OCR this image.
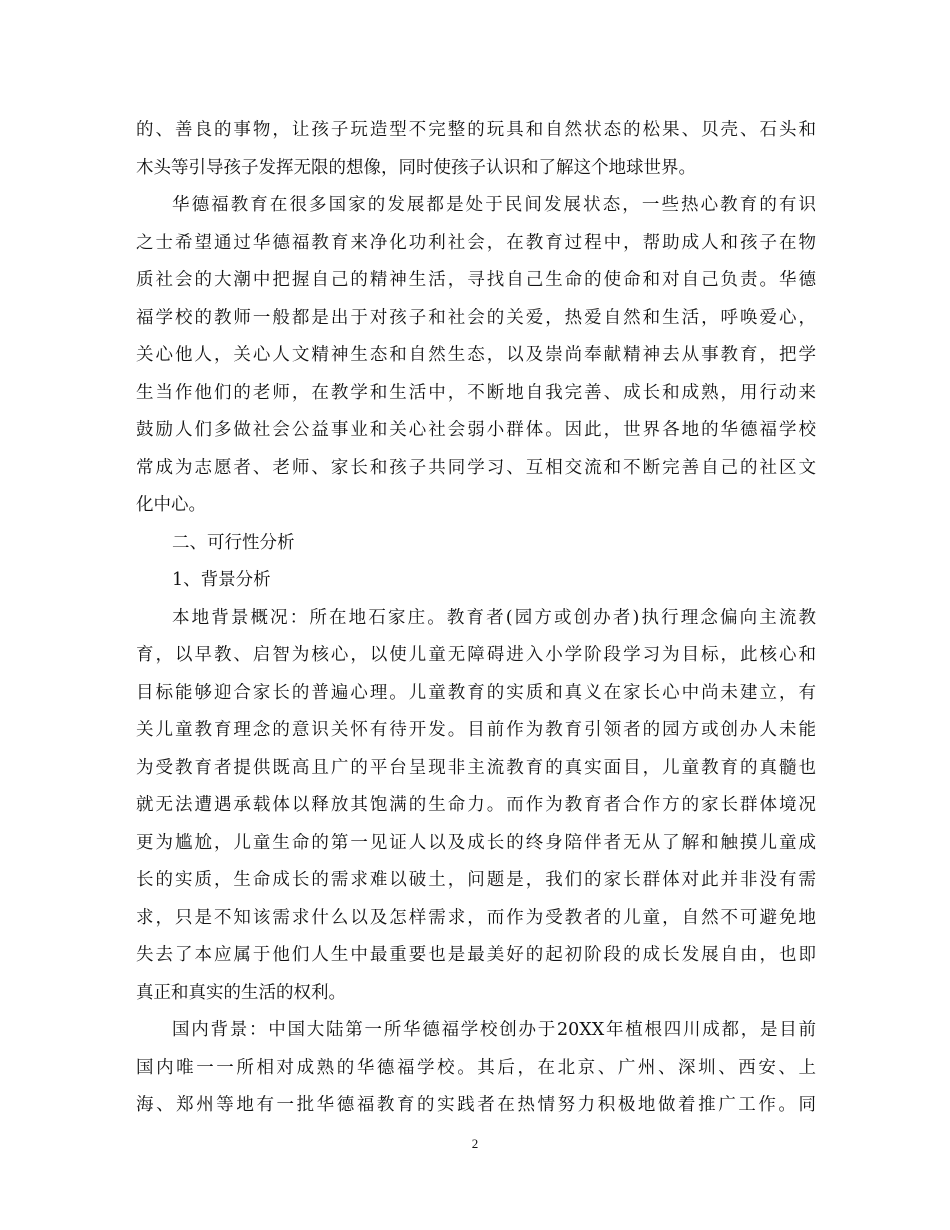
的、善良的事物，让孩子玩造型不完整的玩具和自然状态的松果、贝壳、石头和
木头等引导孩子发挥无限的想像，同时使孩子认识和了解这个地球世界。
华德福教育在很多国家的发展都是处于民间发展状态，一些热心教育的有识
之士希望通过华德福教育来净化功利社会，在教育过程中，帮助成人和孩子在物
质社会的大潮中把握自己的精神生活，寻找自己生命的使命和对自己负责。华德
福学校的教师一般都是出于对孩子和社会的关爱，热爱自然和生活，呼唤爱心，
关心他人，关心人文精神生态和自然生态，以及崇尚奉献精神去从事教育，把学
生当作他们的老师，在教学和生活中，不断地自我完善、成长和成熟，用行动来
鼓励人们多做社会公益事业和关心社会弱小群体。因此，世界各地的华德福学校
常成为志愿者、老师、家长和孩子共同学习、互相交流和不断完善自己的社区文
化中心。
二、可行性分析
1、背景分析
本地背景概况：所在地石家庄。教育者(园方或创办者)执行理念偏向主流教
育，以早教、启智为核心，以使儿童无障碍进入小学阶段学习为目标，此核心和
目标能够迎合家长的普遍心理。儿童教育的实质和真义在家长心中尚未建立，有
关儿童教育理念的意识关怀有待开发。目前作为教育引领者的园方或创办人未能
为受教育者提供既高且广的平台呈现非主流教育的真实面目，儿童教育的真髓也
就无法遭遇承载体以释放其饱满的生命力。而作为教育者合作方的家长群体境况
更为尴尬，儿童生命的第一见证人以及成长的终身陪伴者无从了解和触摸儿童成
长的实质，生命成长的需求难以破土，问题是，我们的家长群体对此并非没有需
求，只是不知该需求什么以及怎样需求，而作为受教者的儿童，自然不可避免地
失去了本应属于他们人生中最重要也是最美好的起初阶段的成长发展自由，也即
真正和真实的生活的权利。
国内背景：中国大陆第一所华德福学校创办于20XX年植根四川成都，是目前
国内唯一一所相对成熟的华德福学校。其后，在北京、广州、深圳、西安、上
海、郑州等地有一批华德福教育的实践者在热情努力积极地做着推广工作。同
2
